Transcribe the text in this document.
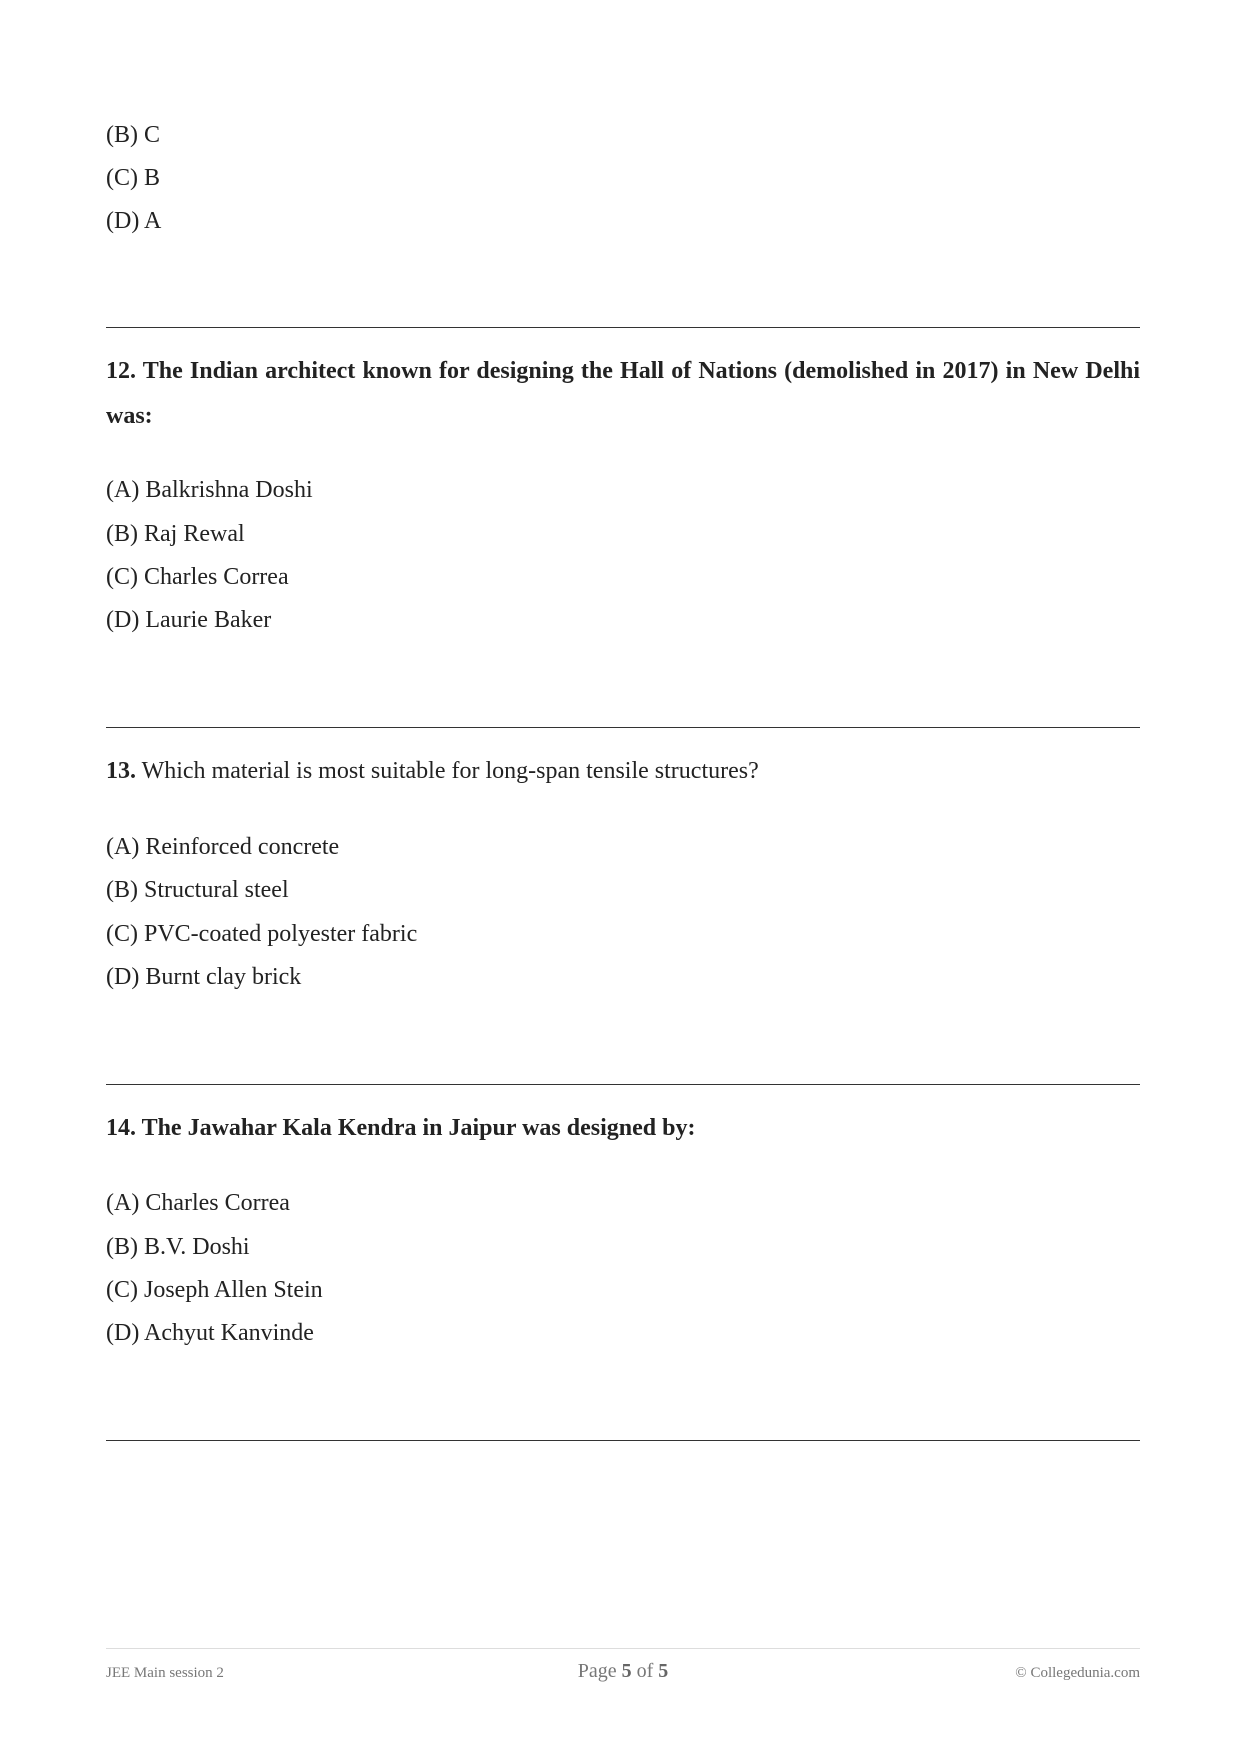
(B) C
(C) B
(D) A
12. The Indian architect known for designing the Hall of Nations (demolished in 2017) in New Delhi was:
(A) Balkrishna Doshi
(B) Raj Rewal
(C) Charles Correa
(D) Laurie Baker
13. Which material is most suitable for long-span tensile structures?
(A) Reinforced concrete
(B) Structural steel
(C) PVC-coated polyester fabric
(D) Burnt clay brick
14. The Jawahar Kala Kendra in Jaipur was designed by:
(A) Charles Correa
(B) B.V. Doshi
(C) Joseph Allen Stein
(D) Achyut Kanvinde
JEE Main session 2	Page 5 of 5	© Collegedunia.com
